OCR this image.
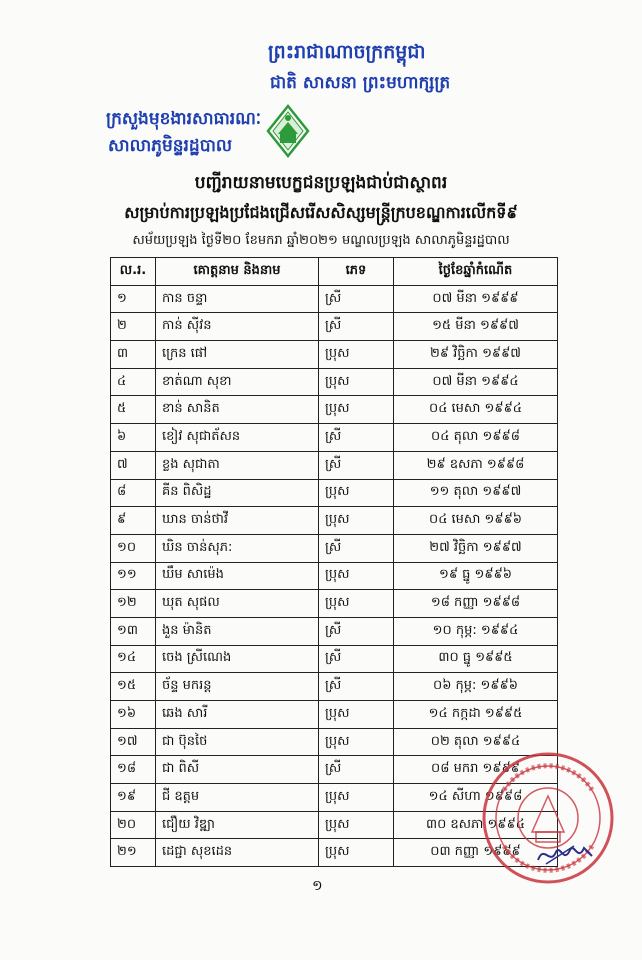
ព្រះរាជាណាចក្រកម្ពុជា
ជាតិ សាសនា ព្រះមហាក្សត្រ
ក្រសួងមុខងារសាធារណៈ
សាលាភូមិន្ទរដ្ឋបាល
បញ្ជីរាយនាមបេក្ខជនប្រឡងជាប់ជាស្ថាពរ
សម្រាប់ការប្រឡងប្រជែងជ្រើសរើសសិស្សមន្ត្រីក្របខណ្ឌការលើកទី៩
សម័យប្រឡង ថ្ងៃទី២០ ខែមករា ឆ្នាំ២០២១ មណ្ឌលប្រឡង សាលាភូមិន្ទរដ្ឋបាល
ល.រ.	គោត្តនាម និងនាម	ភេទ	ថ្ងៃខែឆ្នាំកំណើត
១	កាន ចន្ទា	ស្រី	០៧ មីនា ១៩៩៩
២	កាន់ ស៊ីវន	ស្រី	១៥ មីនា ១៩៩៧
៣	ក្រេន ផៅ	ប្រុស	២៩ វិច្ឆិកា ១៩៩៧
៤	ខាត់ណា សុខា	ប្រុស	០៧ មីនា ១៩៩៤
៥	ខាន់ សានិត	ប្រុស	០៤ មេសា ១៩៩៤
៦	ខៀវ សុជាត័សន	ស្រី	០៤ តុលា ១៩៩៨
៧	ខ្លង សុជាតា	ស្រី	២៩ ឧសភា ១៩៩៨
៨	គីន ពិសិដ្ឋ	ប្រុស	១១ តុលា ១៩៩៧
៩	ឃាន ចាន់ថាវី	ប្រុស	០៤ មេសា ១៩៩៦
១០	ឃិន ចាន់សុភ:	ស្រី	២៧ វិច្ឆិកា ១៩៩៧
១១	ឃឹម សាម៉េង	ប្រុស	១៩ ធ្នូ ១៩៩៦
១២	ឃុត សុផល	ប្រុស	១៨ កញ្ញា ១៩៩៨
១៣	ងួន ម៉ានិត	ស្រី	១០ កុម្ភ: ១៩៩៤
១៤	ចេង ស្រីណេង	ស្រី	៣០ ធ្នូ ១៩៩៥
១៥	ច័ន្ទ មករន្ត	ស្រី	០៦ កុម្ភ: ១៩៩៦
១៦	ឆេង សារី	ប្រុស	១៤ កក្កដា ១៩៩៥
១៧	ជា ប៊ុនថៃ	ប្រុស	០២ តុលា ១៩៩៤
១៨	ជា ពិសី	ស្រី	០៨ មករា ១៩៩៩
១៩	ជី ឧត្តម	ប្រុស	១៤ សីហា ១៩៩៨
២០	ជឿយ វិឌ្ឍា	ប្រុស	៣០ ឧសភា ១៩៩៤
២១	ដេជ្ជា សុខដេន	ប្រុស	០៣ កញ្ញា ១៩៩៩
១
